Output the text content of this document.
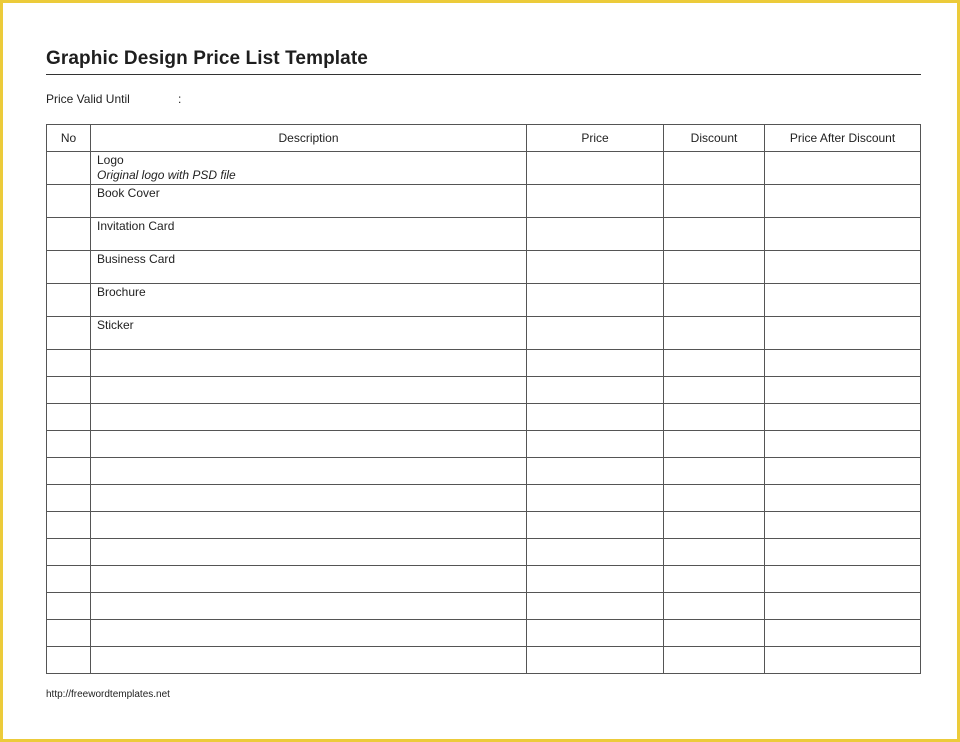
Graphic Design Price List Template
Price Valid Until	:
No	Description	Price	Discount	Price After Discount

	Logo
Original logo with PSD file			

	Book Cover			

	Invitation Card			

	Business Card			

	Brochure			

	Sticker			

http://freewordtemplates.net
